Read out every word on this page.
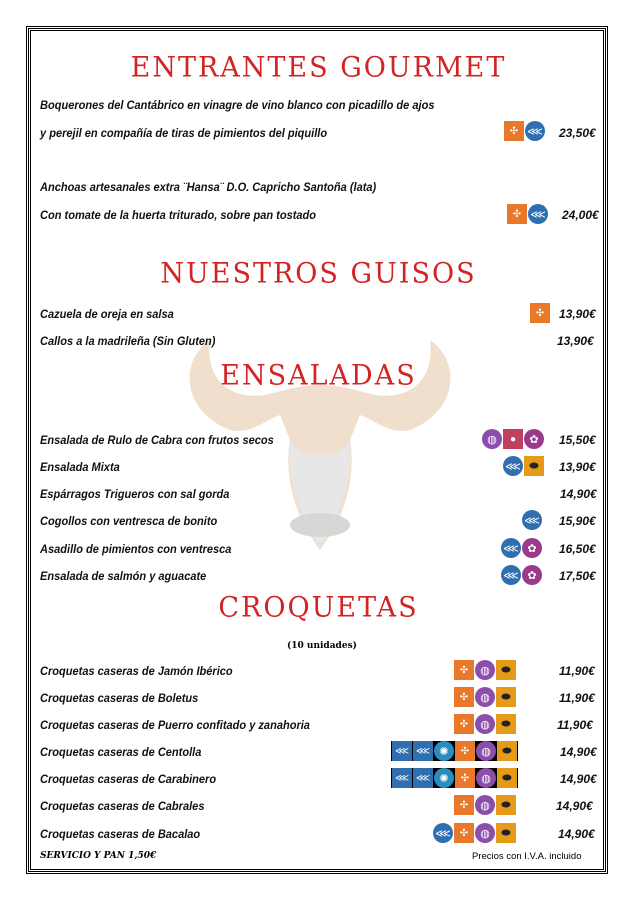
ENTRANTES GOURMET
Boquerones del Cantábrico en vinagre de vino blanco con picadillo de ajos
y perejil en compañía de tiras de pimientos del piquillo	✣ ⋘ 23,50€
Anchoas artesanales extra ¨Hansa¨ D.O. Capricho Santoña (lata)
Con tomate de la huerta triturado, sobre pan tostado	✣ ⋘ 24,00€
NUESTROS GUISOS
Cazuela de oreja en salsa	✣ 13,90€
Callos a la madrileña (Sin Gluten)	13,90€
ENSALADAS
Ensalada de Rulo de Cabra con frutos secos	◍	●	✿	15,50€
Ensalada Mixta	⋘ ⬬ 13,90€
Espárragos Trigueros con sal gorda	14,90€
Cogollos con ventresca de bonito	⋘ 15,90€
Asadillo de pimientos con ventresca	⋘ ✿	16,50€
Ensalada de salmón y aguacate	⋘ ✿	17,50€
CROQUETAS
(10 unidades)
Croquetas caseras de Jamón Ibérico	✣	◍	⬬	11,90€
Croquetas caseras de Boletus	✣	◍	⬬	11,90€
Croquetas caseras de Puerro confitado y zanahoria	✣	◍	⬬	11,90€
Croquetas caseras de Centolla	⋘ ⋘ ✺	✣	◍	⬬	14,90€
Croquetas caseras de Carabinero	⋘ ⋘ ✺	✣	◍	⬬	14,90€
Croquetas caseras de Cabrales	✣	◍	⬬	14,90€
Croquetas caseras de Bacalao	⋘ ✣	◍	⬬	14,90€
SERVICIO Y PAN 1,50€	Precios con I.V.A. incluido
